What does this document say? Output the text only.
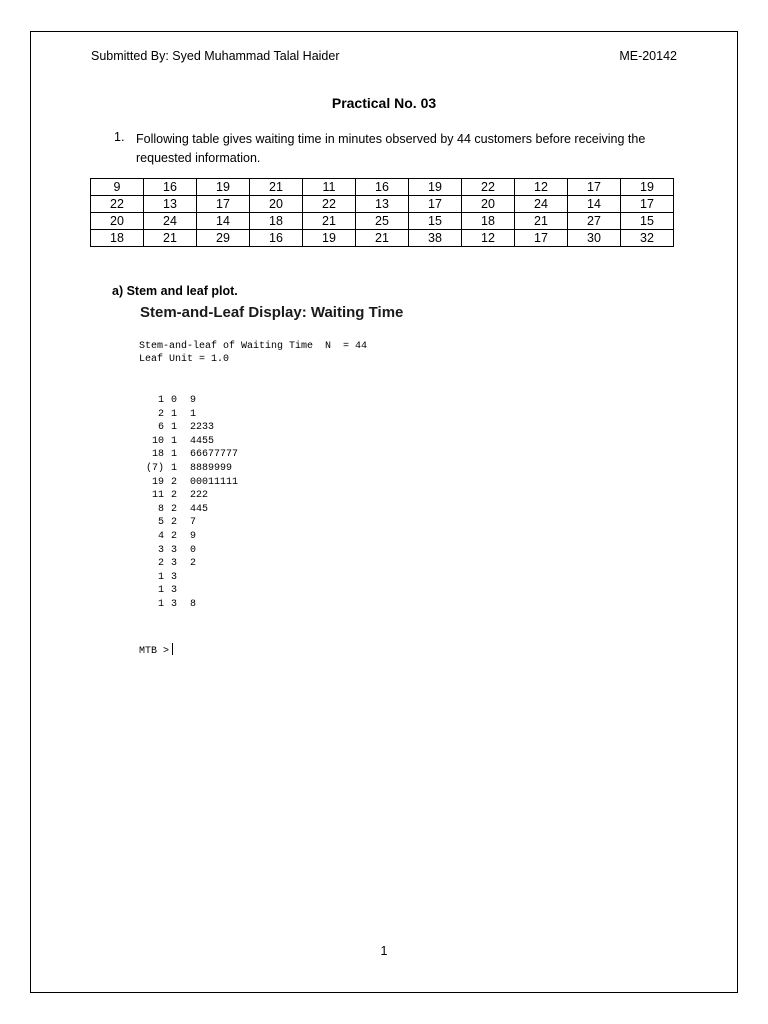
Submitted By: Syed Muhammad Talal Haider	ME-20142
Practical No. 03
1. Following table gives waiting time in minutes observed by 44 customers before receiving the requested information.
9	16	19	21	11	16	19	22	12	17	19
22	13	17	20	22	13	17	20	24	14	17
20	24	14	18	21	25	15	18	21	27	15
18	21	29	16	19	21	38	12	17	30	32
a) Stem and leaf plot.
Stem-and-Leaf Display: Waiting Time
Stem-and-leaf of Waiting Time  N  = 44
Leaf Unit = 1.0
1	0	9
2	1	1
6	1	2233
10	1	4455
18	1	66677777
(7)	1	8889999
19	2	00011111
11	2	222
8	2	445
5	2	7
4	2	9
3	3	0
2	3	2
1	3	
1	3	
1	3	8
MTB >
1
